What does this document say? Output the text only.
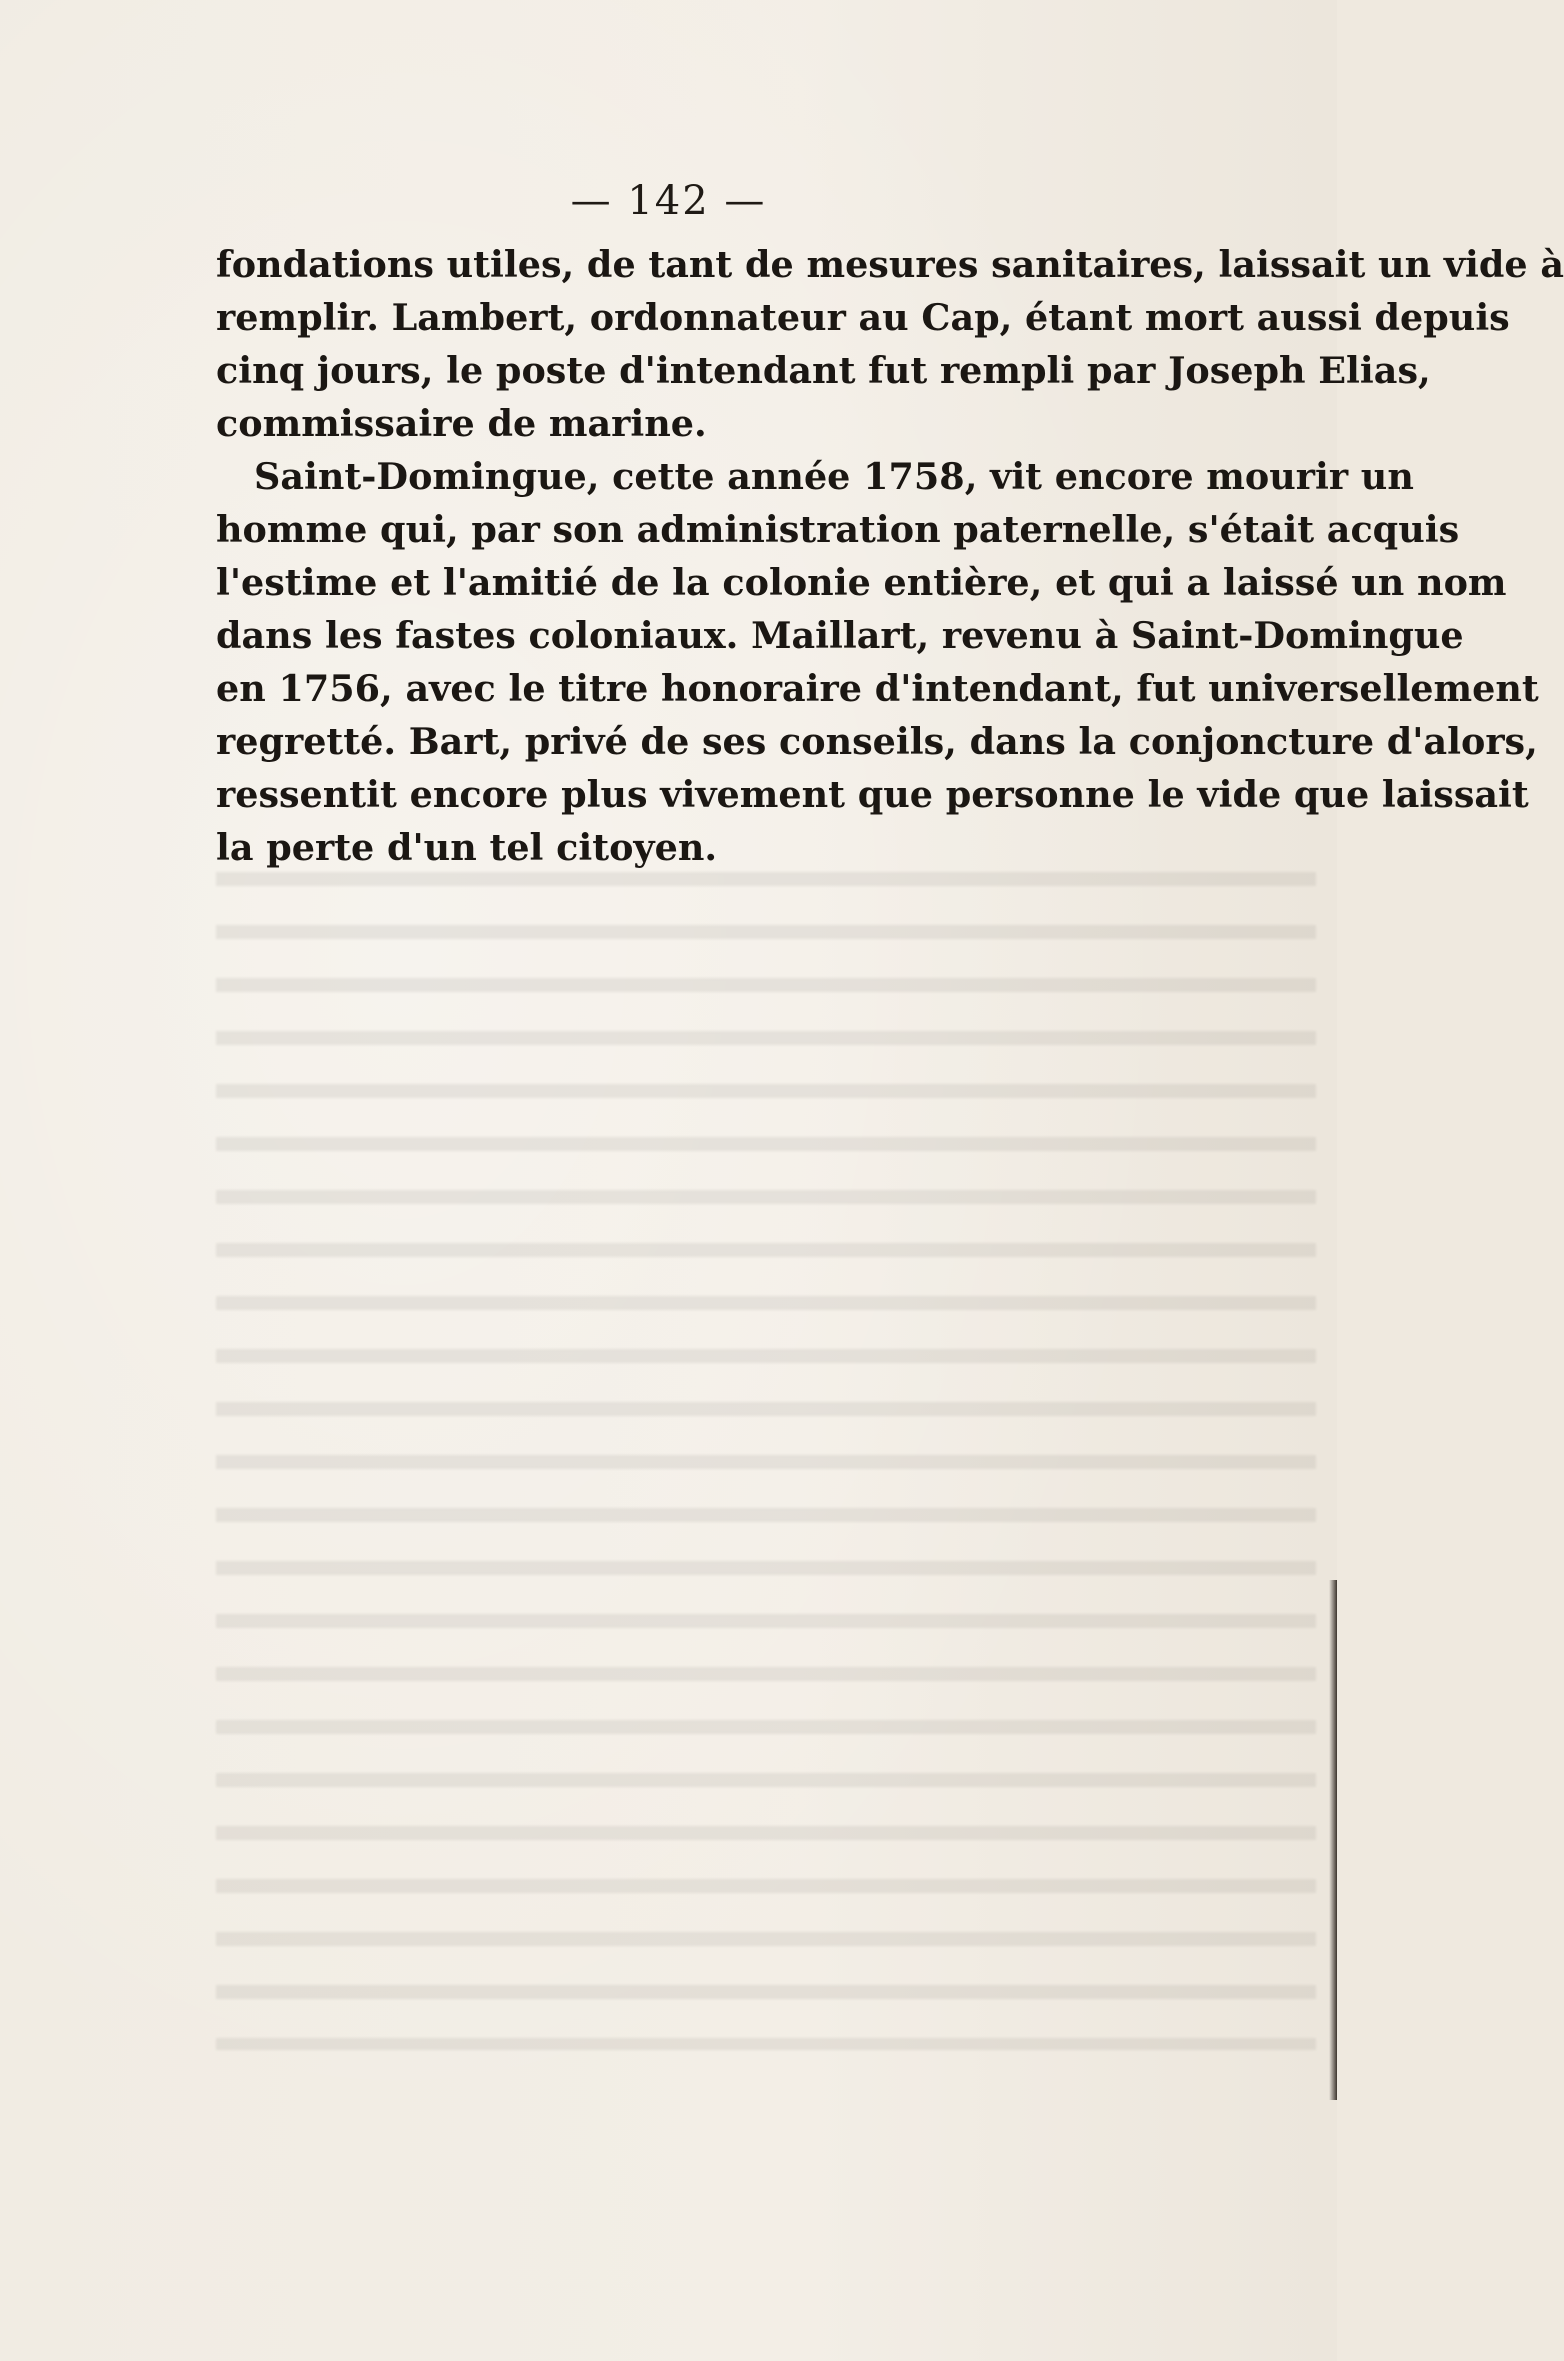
— 142 —
fondations utiles, de tant de mesures sanitaires, laissait un vide à
remplir. Lambert, ordonnateur au Cap, étant mort aussi depuis
cinq jours, le poste d'intendant fut rempli par Joseph Elias,
commissaire de marine.
Saint-Domingue, cette année 1758, vit encore mourir un
homme qui, par son administration paternelle, s'était acquis
l'estime et l'amitié de la colonie entière, et qui a laissé un nom
dans les fastes coloniaux. Maillart, revenu à Saint-Domingue
en 1756, avec le titre honoraire d'intendant, fut universellement
regretté. Bart, privé de ses conseils, dans la conjoncture d'alors,
ressentit encore plus vivement que personne le vide que laissait
la perte d'un tel citoyen.
